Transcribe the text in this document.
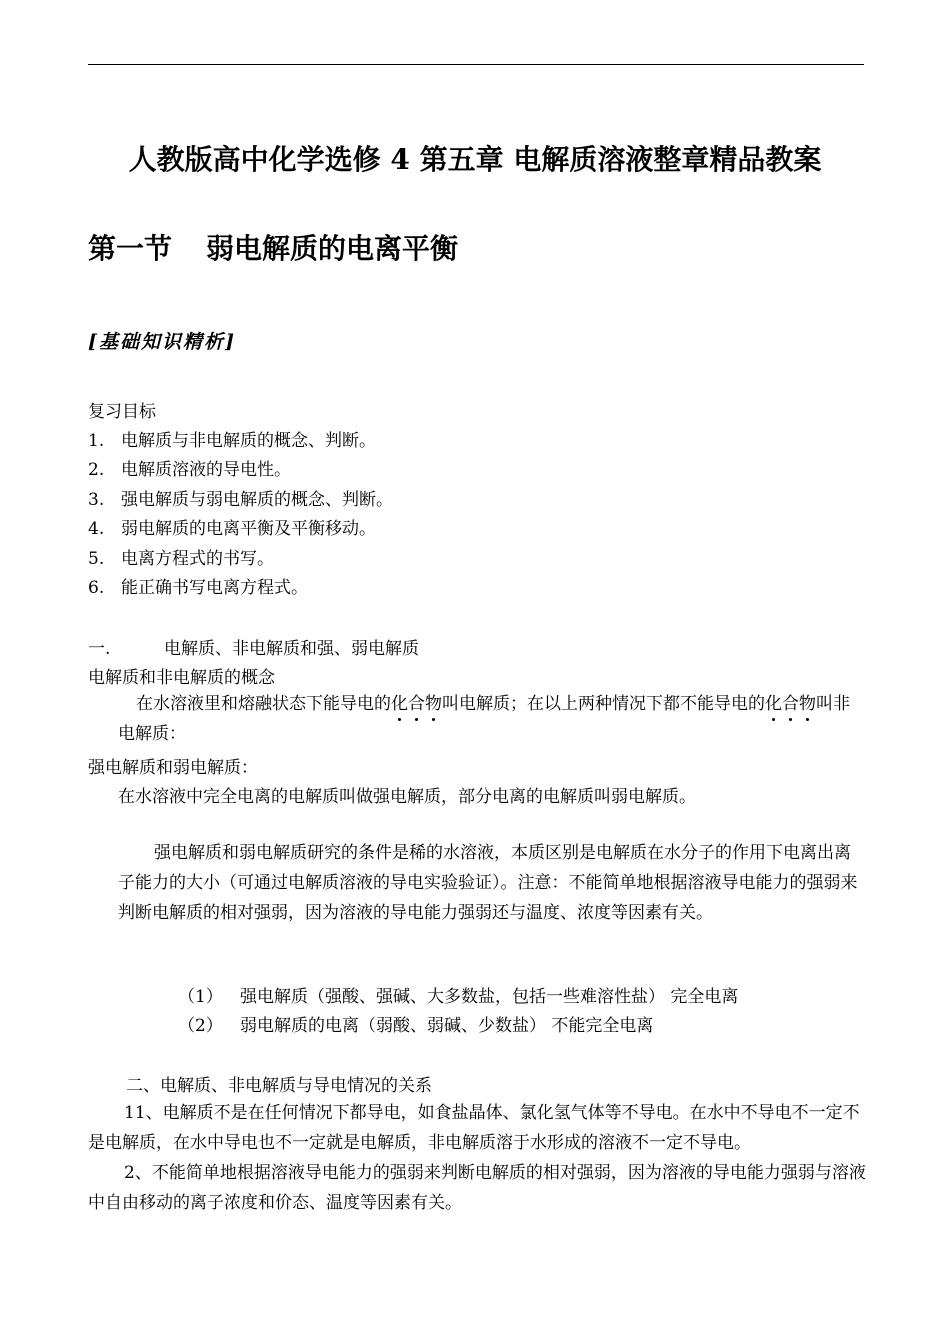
人教版高中化学选修 4 第五章 电解质溶液整章精品教案
第一节 弱电解质的电离平衡
[基础知识精析]
复习目标
1. 电解质与非电解质的概念、判断。
2. 电解质溶液的导电性。
3. 强电解质与弱电解质的概念、判断。
4. 弱电解质的电离平衡及平衡移动。
5. 电离方程式的书写。
6. 能正确书写电离方程式。
一.	电解质、非电解质和强、弱电解质
电解质和非电解质的概念
在水溶液里和熔融状态下能导电的化合物叫电解质；在以上两种情况下都不能导电的化合物叫非电解质：
强电解质和弱电解质：
在水溶液中完全电离的电解质叫做强电解质，部分电离的电解质叫弱电解质。
强电解质和弱电解质研究的条件是稀的水溶液，本质区别是电解质在水分子的作用下电离出离子能力的大小（可通过电解质溶液的导电实验验证）。注意：不能简单地根据溶液导电能力的强弱来判断电解质的相对强弱，因为溶液的导电能力强弱还与温度、浓度等因素有关。
（1） 强电解质（强酸、强碱、大多数盐，包括一些难溶性盐） 完全电离
（2） 弱电解质的电离（弱酸、弱碱、少数盐） 不能完全电离
二、电解质、非电解质与导电情况的关系
11、电解质不是在任何情况下都导电，如食盐晶体、氯化氢气体等不导电。在水中不导电不一定不是电解质，在水中导电也不一定就是电解质，非电解质溶于水形成的溶液不一定不导电。
2、不能简单地根据溶液导电能力的强弱来判断电解质的相对强弱，因为溶液的导电能力强弱与溶液中自由移动的离子浓度和价态、温度等因素有关。
